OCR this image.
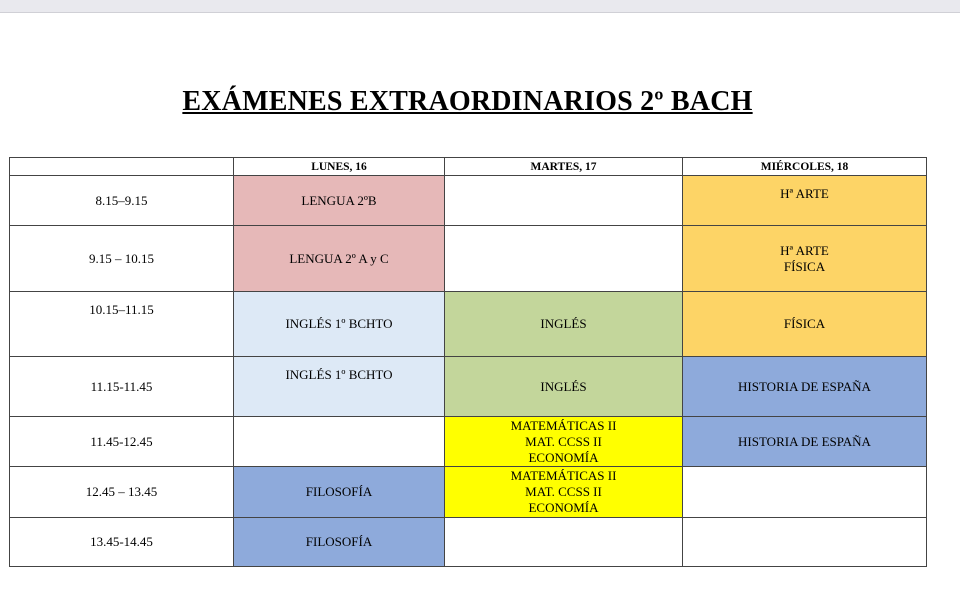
EXÁMENES EXTRAORDINARIOS 2º BACH
	LUNES, 16	MARTES, 17	MIÉRCOLES, 18
8.15–9.15	LENGUA 2ºB		Hª ARTE

9.15 – 10.15	LENGUA 2º A y C		Hª ARTE
FÍSICA

10.15–11.15	INGLÉS 1º BCHTO	INGLÉS	FÍSICA

11.15-11.45	INGLÉS 1º BCHTO	INGLÉS	HISTORIA DE ESPAÑA

11.45-12.45		MATEMÁTICAS II
MAT. CCSS II
ECONOMÍA	HISTORIA DE ESPAÑA

12.45 – 13.45	FILOSOFÍA	MATEMÁTICAS II
MAT. CCSS II
ECONOMÍA	

13.45-14.45	FILOSOFÍA		
